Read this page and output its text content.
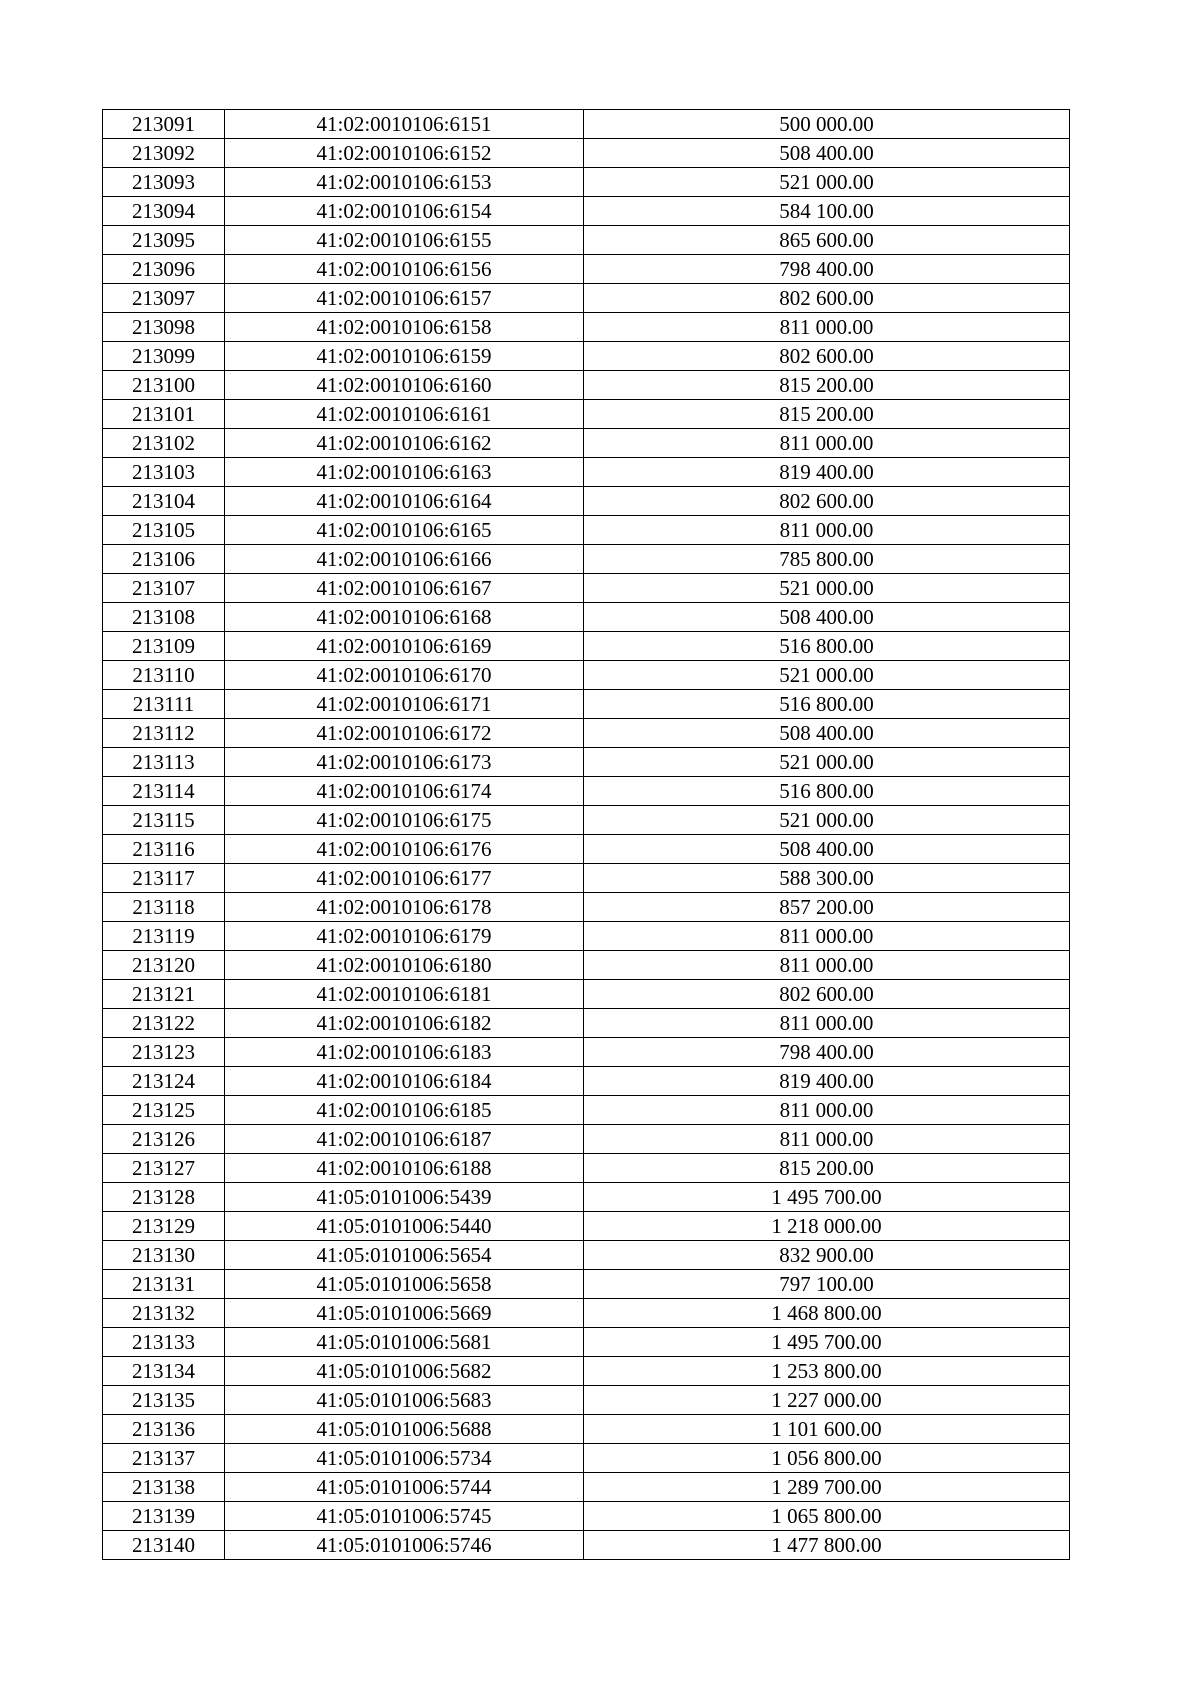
213091	41:02:0010106:6151	500 000.00
213092	41:02:0010106:6152	508 400.00
213093	41:02:0010106:6153	521 000.00
213094	41:02:0010106:6154	584 100.00
213095	41:02:0010106:6155	865 600.00
213096	41:02:0010106:6156	798 400.00
213097	41:02:0010106:6157	802 600.00
213098	41:02:0010106:6158	811 000.00
213099	41:02:0010106:6159	802 600.00
213100	41:02:0010106:6160	815 200.00
213101	41:02:0010106:6161	815 200.00
213102	41:02:0010106:6162	811 000.00
213103	41:02:0010106:6163	819 400.00
213104	41:02:0010106:6164	802 600.00
213105	41:02:0010106:6165	811 000.00
213106	41:02:0010106:6166	785 800.00
213107	41:02:0010106:6167	521 000.00
213108	41:02:0010106:6168	508 400.00
213109	41:02:0010106:6169	516 800.00
213110	41:02:0010106:6170	521 000.00
213111	41:02:0010106:6171	516 800.00
213112	41:02:0010106:6172	508 400.00
213113	41:02:0010106:6173	521 000.00
213114	41:02:0010106:6174	516 800.00
213115	41:02:0010106:6175	521 000.00
213116	41:02:0010106:6176	508 400.00
213117	41:02:0010106:6177	588 300.00
213118	41:02:0010106:6178	857 200.00
213119	41:02:0010106:6179	811 000.00
213120	41:02:0010106:6180	811 000.00
213121	41:02:0010106:6181	802 600.00
213122	41:02:0010106:6182	811 000.00
213123	41:02:0010106:6183	798 400.00
213124	41:02:0010106:6184	819 400.00
213125	41:02:0010106:6185	811 000.00
213126	41:02:0010106:6187	811 000.00
213127	41:02:0010106:6188	815 200.00
213128	41:05:0101006:5439	1 495 700.00
213129	41:05:0101006:5440	1 218 000.00
213130	41:05:0101006:5654	832 900.00
213131	41:05:0101006:5658	797 100.00
213132	41:05:0101006:5669	1 468 800.00
213133	41:05:0101006:5681	1 495 700.00
213134	41:05:0101006:5682	1 253 800.00
213135	41:05:0101006:5683	1 227 000.00
213136	41:05:0101006:5688	1 101 600.00
213137	41:05:0101006:5734	1 056 800.00
213138	41:05:0101006:5744	1 289 700.00
213139	41:05:0101006:5745	1 065 800.00
213140	41:05:0101006:5746	1 477 800.00
